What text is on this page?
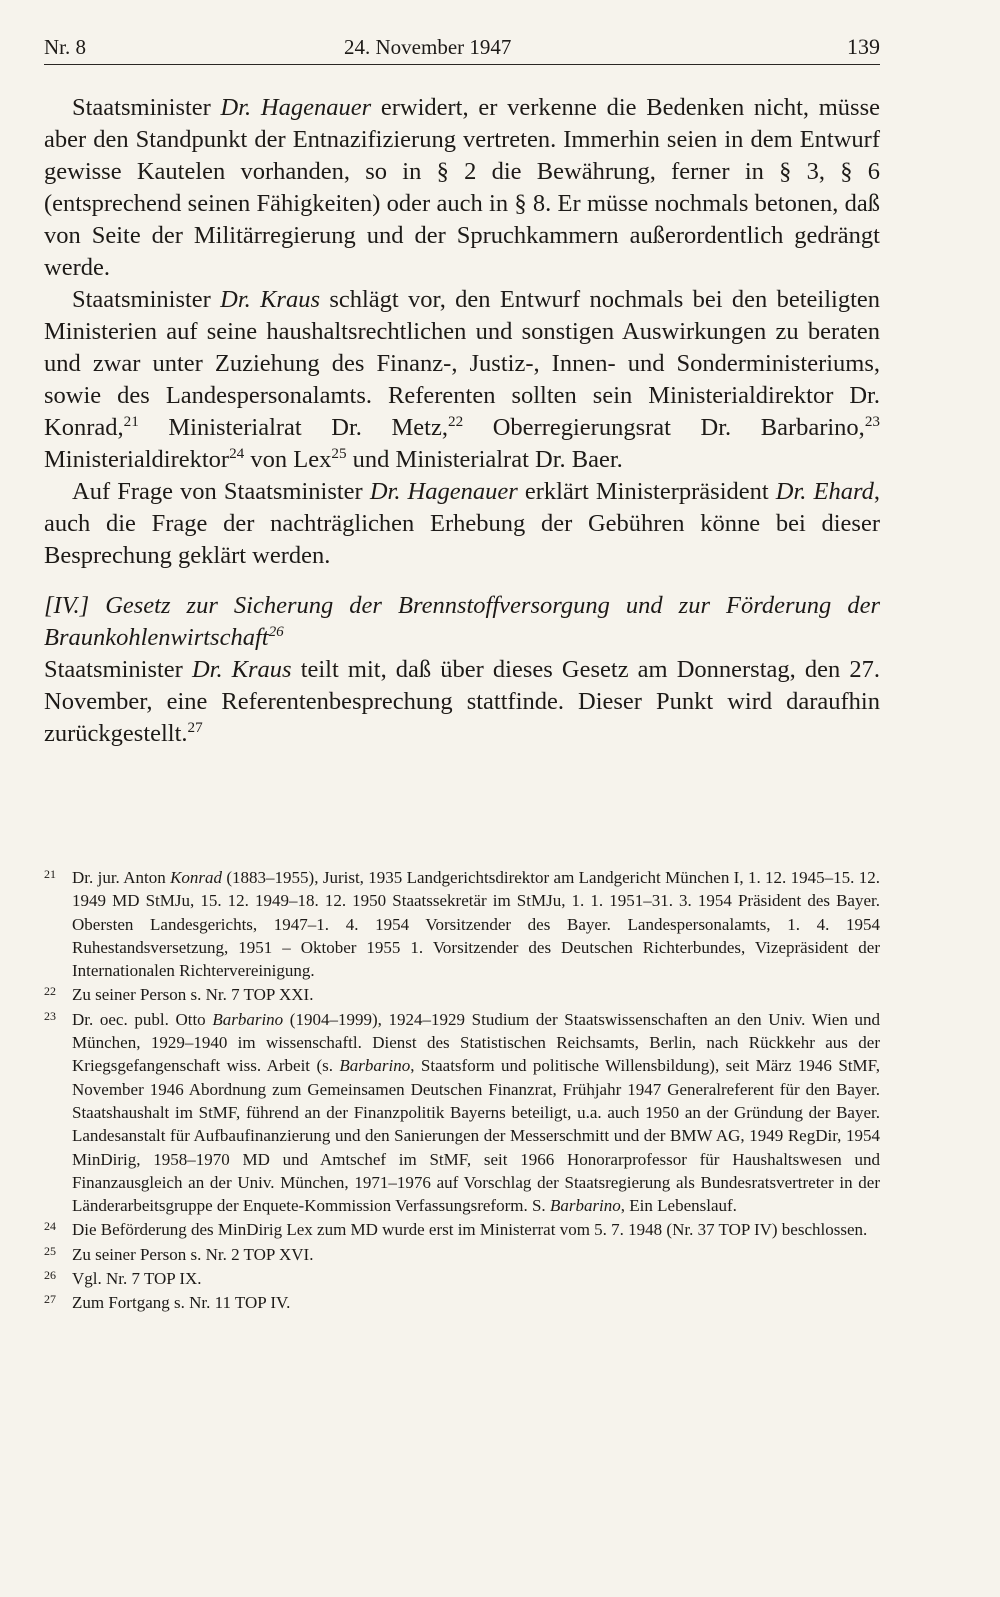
Nr. 8	24. November 1947	139

Staatsminister Dr. Hagenauer erwidert, er verkenne die Bedenken nicht, müsse aber den Standpunkt der Entnazifizierung vertreten. Immerhin seien in dem Entwurf gewisse Kautelen vorhanden, so in § 2 die Bewährung, ferner in § 3, § 6 (entsprechend seinen Fähigkeiten) oder auch in § 8. Er müsse nochmals betonen, daß von Seite der Militärregierung und der Spruchkammern außerordentlich gedrängt werde.

Staatsminister Dr. Kraus schlägt vor, den Entwurf nochmals bei den beteiligten Ministerien auf seine haushaltsrechtlichen und sonstigen Auswirkungen zu beraten und zwar unter Zuziehung des Finanz-, Justiz-, Innen- und Sonderministeriums, sowie des Landespersonalamts. Referenten sollten sein Ministerialdirektor Dr. Konrad,$^{21}$ Ministerialrat Dr. Metz,$^{22}$ Oberregierungsrat Dr. Barbarino,$^{23}$ Ministerialdirektor$^{24}$ von Lex$^{25}$ und Ministerialrat Dr. Baer.

Auf Frage von Staatsminister Dr. Hagenauer erklärt Ministerpräsident Dr. Ehard, auch die Frage der nachträglichen Erhebung der Gebühren könne bei dieser Besprechung geklärt werden.

[IV.] Gesetz zur Sicherung der Brennstoffversorgung und zur Förderung der Braunkohlenwirtschaft$^{26}$

Staatsminister Dr. Kraus teilt mit, daß über dieses Gesetz am Donnerstag, den 27. November, eine Referentenbesprechung stattfinde. Dieser Punkt wird daraufhin zurückgestellt.$^{27}$

21 Dr. jur. Anton Konrad (1883–1955), Jurist, 1935 Landgerichtsdirektor am Landgericht München I, 1. 12. 1945–15. 12. 1949 MD StMJu, 15. 12. 1949–18. 12. 1950 Staatssekretär im StMJu, 1. 1. 1951–31. 3. 1954 Präsident des Bayer. Obersten Landesgerichts, 1947–1. 4. 1954 Vorsitzender des Bayer. Landespersonalamts, 1. 4. 1954 Ruhestandsversetzung, 1951 – Oktober 1955 1. Vorsitzender des Deutschen Richterbundes, Vizepräsident der Internationalen Richtervereinigung.
22 Zu seiner Person s. Nr. 7 TOP XXI.
23 Dr. oec. publ. Otto Barbarino (1904–1999), 1924–1929 Studium der Staatswissenschaften an den Univ. Wien und München, 1929–1940 im wissenschaftl. Dienst des Statistischen Reichsamts, Berlin, nach Rückkehr aus der Kriegsgefangenschaft wiss. Arbeit (s. Barbarino, Staatsform und politische Willensbildung), seit März 1946 StMF, November 1946 Abordnung zum Gemeinsamen Deutschen Finanzrat, Frühjahr 1947 Generalreferent für den Bayer. Staatshaushalt im StMF, führend an der Finanzpolitik Bayerns beteiligt, u.a. auch 1950 an der Gründung der Bayer. Landesanstalt für Aufbaufinanzierung und den Sanierungen der Messerschmitt und der BMW AG, 1949 RegDir, 1954 MinDirig, 1958–1970 MD und Amtschef im StMF, seit 1966 Honorarprofessor für Haushaltswesen und Finanzausgleich an der Univ. München, 1971–1976 auf Vorschlag der Staatsregierung als Bundesratsvertreter in der Länderarbeitsgruppe der Enquete-Kommission Verfassungsreform. S. Barbarino, Ein Lebenslauf.
24 Die Beförderung des MinDirig Lex zum MD wurde erst im Ministerrat vom 5. 7. 1948 (Nr. 37 TOP IV) beschlossen.
25 Zu seiner Person s. Nr. 2 TOP XVI.
26 Vgl. Nr. 7 TOP IX.
27 Zum Fortgang s. Nr. 11 TOP IV.
